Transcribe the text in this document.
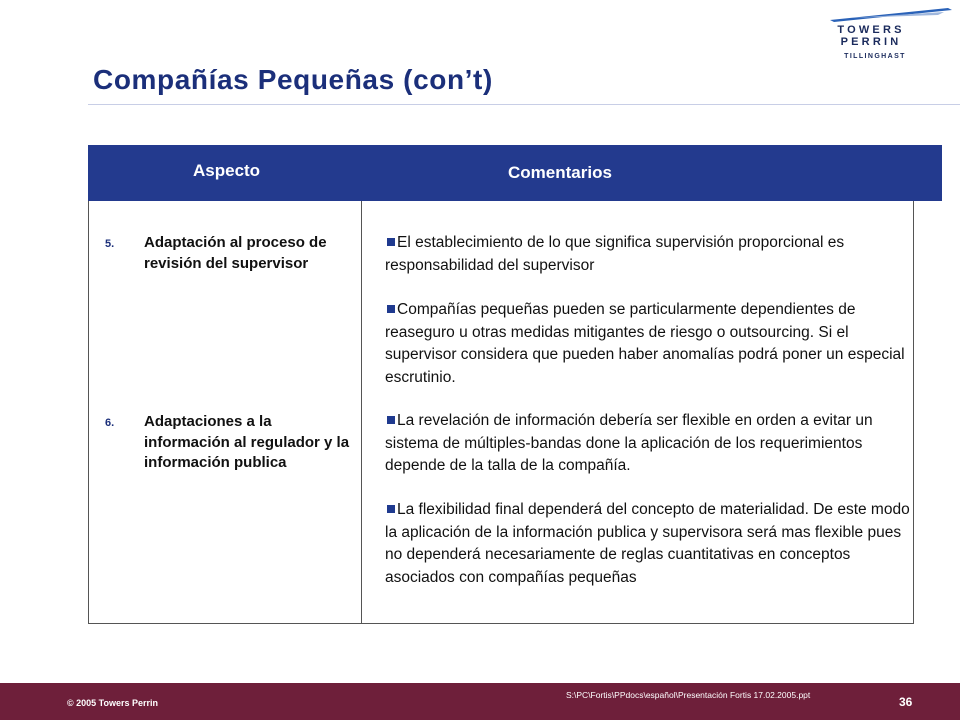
TOWERS
PERRIN
TILLINGHAST
Compañías Pequeñas (con’t)
Aspecto	Comentarios
5. Adaptación al proceso de revisión del supervisor
6. Adaptaciones a la información al regulador y la información publica
El establecimiento de lo que significa supervisión proporcional es responsabilidad del supervisor
Compañías pequeñas pueden se particularmente dependientes de reaseguro u otras medidas mitigantes de riesgo o outsourcing. Si el supervisor considera que pueden haber anomalías podrá poner un especial escrutinio.
La revelación de información debería ser flexible en orden a evitar un sistema de múltiples-bandas done la aplicación de los requerimientos depende de la talla de la compañía.
La flexibilidad final dependerá del concepto de materialidad. De este modo la aplicación de la información publica y supervisora será mas flexible pues no dependerá necesariamente de reglas cuantitativas en conceptos asociados con compañías pequeñas
© 2005 Towers Perrin
S:\PC\Fortis\PPdocs\español\Presentación Fortis 17.02.2005.ppt	36
